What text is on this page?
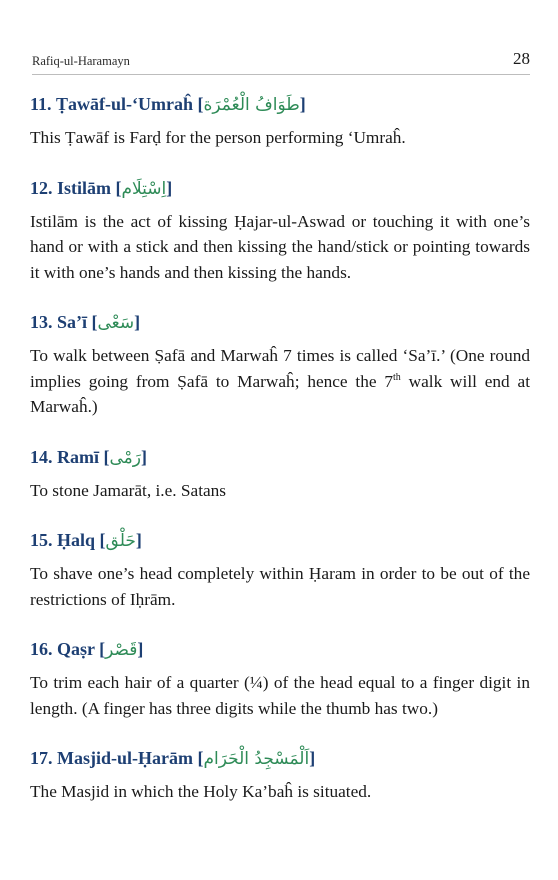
Rafiq-ul-Haramayn	28
11. Ṭawāf-ul-‘Umraĥ [طَوَافُ الْعُمْرَة]

This Ṭawāf is Farḍ for the person performing ‘Umraĥ.

12. Istilām [اِسْتِلَام]

Istilām is the act of kissing Ḥajar-ul-Aswad or touching it with one’s hand or with a stick and then kissing the hand/stick or pointing towards it with one’s hands and then kissing the hands.

13. Sa’ī [سَعْی]

To walk between Ṣafā and Marwaĥ 7 times is called ‘Sa’ī.’ (One round implies going from Ṣafā to Marwaĥ; hence the 7th walk will end at Marwaĥ.)

14. Ramī [رَمْی]

To stone Jamarāt, i.e. Satans

15. Ḥalq [حَلْق]

To shave one’s head completely within Ḥaram in order to be out of the restrictions of Iḥrām.

16. Qaṣr [قَصْر]

To trim each hair of a quarter (¼) of the head equal to a finger digit in length. (A finger has three digits while the thumb has two.)

17. Masjid-ul-Ḥarām [اَلْمَسْجِدُ الْحَرَام]

The Masjid in which the Holy Ka’baĥ is situated.
